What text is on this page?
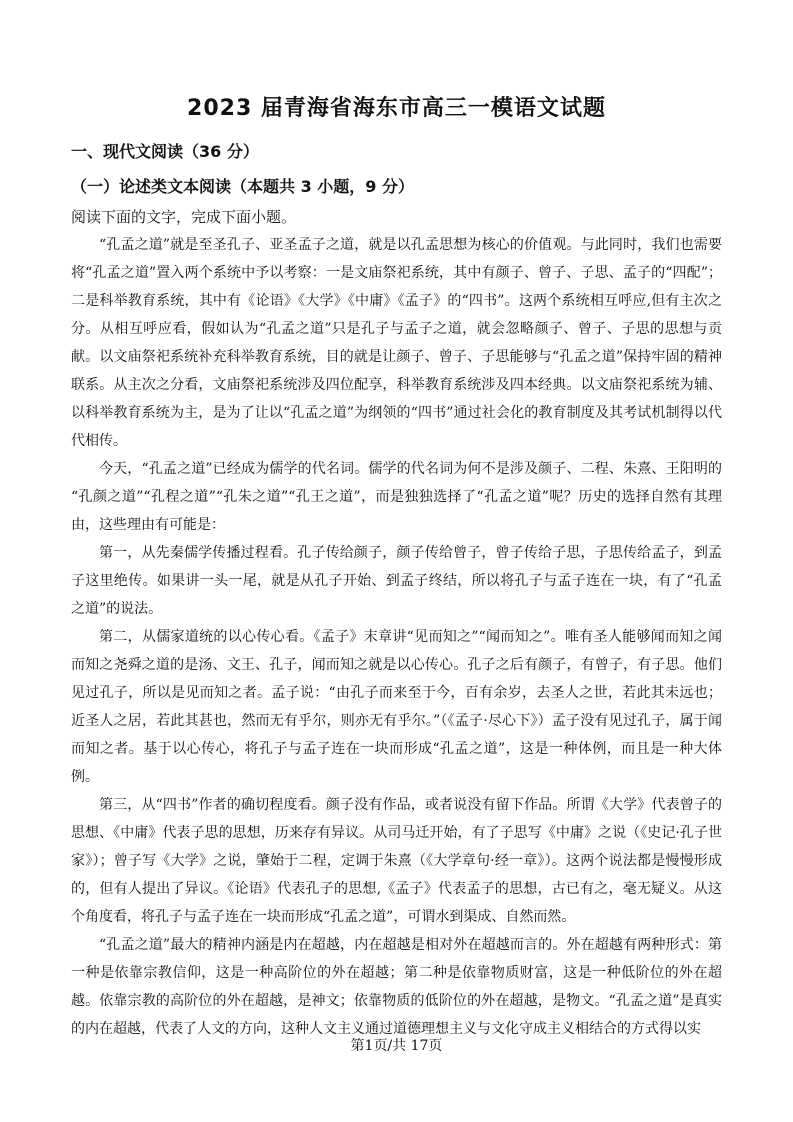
2023 届青海省海东市高三一模语文试题
一、现代文阅读（36 分）
（一）论述类文本阅读（本题共 3 小题，9 分）
阅读下面的文字，完成下面小题。

“孔孟之道”就是至圣孔子、亚圣孟子之道，就是以孔孟思想为核心的价值观。与此同时，我们也需要将“孔孟之道”置入两个系统中予以考察：一是文庙祭祀系统，其中有颜子、曾子、子思、孟子的“四配”；二是科举教育系统，其中有《论语》《大学》《中庸》《孟子》的“四书”。这两个系统相互呼应,但有主次之分。从相互呼应看，假如认为“孔孟之道”只是孔子与孟子之道，就会忽略颜子、曾子、子思的思想与贡献。以文庙祭祀系统补充科举教育系统，目的就是让颜子、曾子、子思能够与“孔孟之道”保持牢固的精神联系。从主次之分看，文庙祭祀系统涉及四位配享，科举教育系统涉及四本经典。以文庙祭祀系统为辅、以科举教育系统为主，是为了让以“孔孟之道”为纲领的“四书”通过社会化的教育制度及其考试机制得以代代相传。

今天，“孔孟之道”已经成为儒学的代名词。儒学的代名词为何不是涉及颜子、二程、朱熹、王阳明的“孔颜之道”“孔程之道”“孔朱之道”“孔王之道”，而是独独选择了“孔孟之道”呢？历史的选择自然有其理由，这些理由有可能是：

第一，从先秦儒学传播过程看。孔子传给颜子，颜子传给曾子，曾子传给子思，子思传给孟子，到孟子这里绝传。如果讲一头一尾，就是从孔子开始、到孟子终结，所以将孔子与孟子连在一块，有了“孔孟之道”的说法。

第二，从儒家道统的以心传心看。《孟子》末章讲“见而知之”“闻而知之”。唯有圣人能够闻而知之闻而知之尧舜之道的是汤、文王、孔子，闻而知之就是以心传心。孔子之后有颜子，有曾子，有子思。他们见过孔子，所以是见而知之者。孟子说：“由孔子而来至于今，百有余岁，去圣人之世，若此其未远也；近圣人之居，若此其甚也，然而无有乎尔，则亦无有乎尔。”（《孟子·尽心下》）孟子没有见过孔子，属于闻而知之者。基于以心传心，将孔子与孟子连在一块而形成“孔孟之道”，这是一种体例，而且是一种大体例。

第三，从“四书”作者的确切程度看。颜子没有作品，或者说没有留下作品。所谓《大学》代表曾子的思想、《中庸》代表子思的思想，历来存有异议。从司马迁开始，有了子思写《中庸》之说（《史记·孔子世家》）；曾子写《大学》之说，肇始于二程，定调于朱熹（《大学章句·经一章》）。这两个说法都是慢慢形成的，但有人提出了异议。《论语》代表孔子的思想,《孟子》代表孟子的思想，古已有之，毫无疑义。从这个角度看，将孔子与孟子连在一块而形成“孔孟之道”，可谓水到渠成、自然而然。

“孔孟之道”最大的精神内涵是内在超越，内在超越是相对外在超越而言的。外在超越有两种形式：第一种是依靠宗教信仰，这是一种高阶位的外在超越；第二种是依靠物质财富，这是一种低阶位的外在超越。依靠宗教的高阶位的外在超越，是神文；依靠物质的低阶位的外在超越，是物文。“孔孟之道”是真实的内在超越，代表了人文的方向，这种人文主义通过道德理想主义与文化守成主义相结合的方式得以实

第1页/共 17页
